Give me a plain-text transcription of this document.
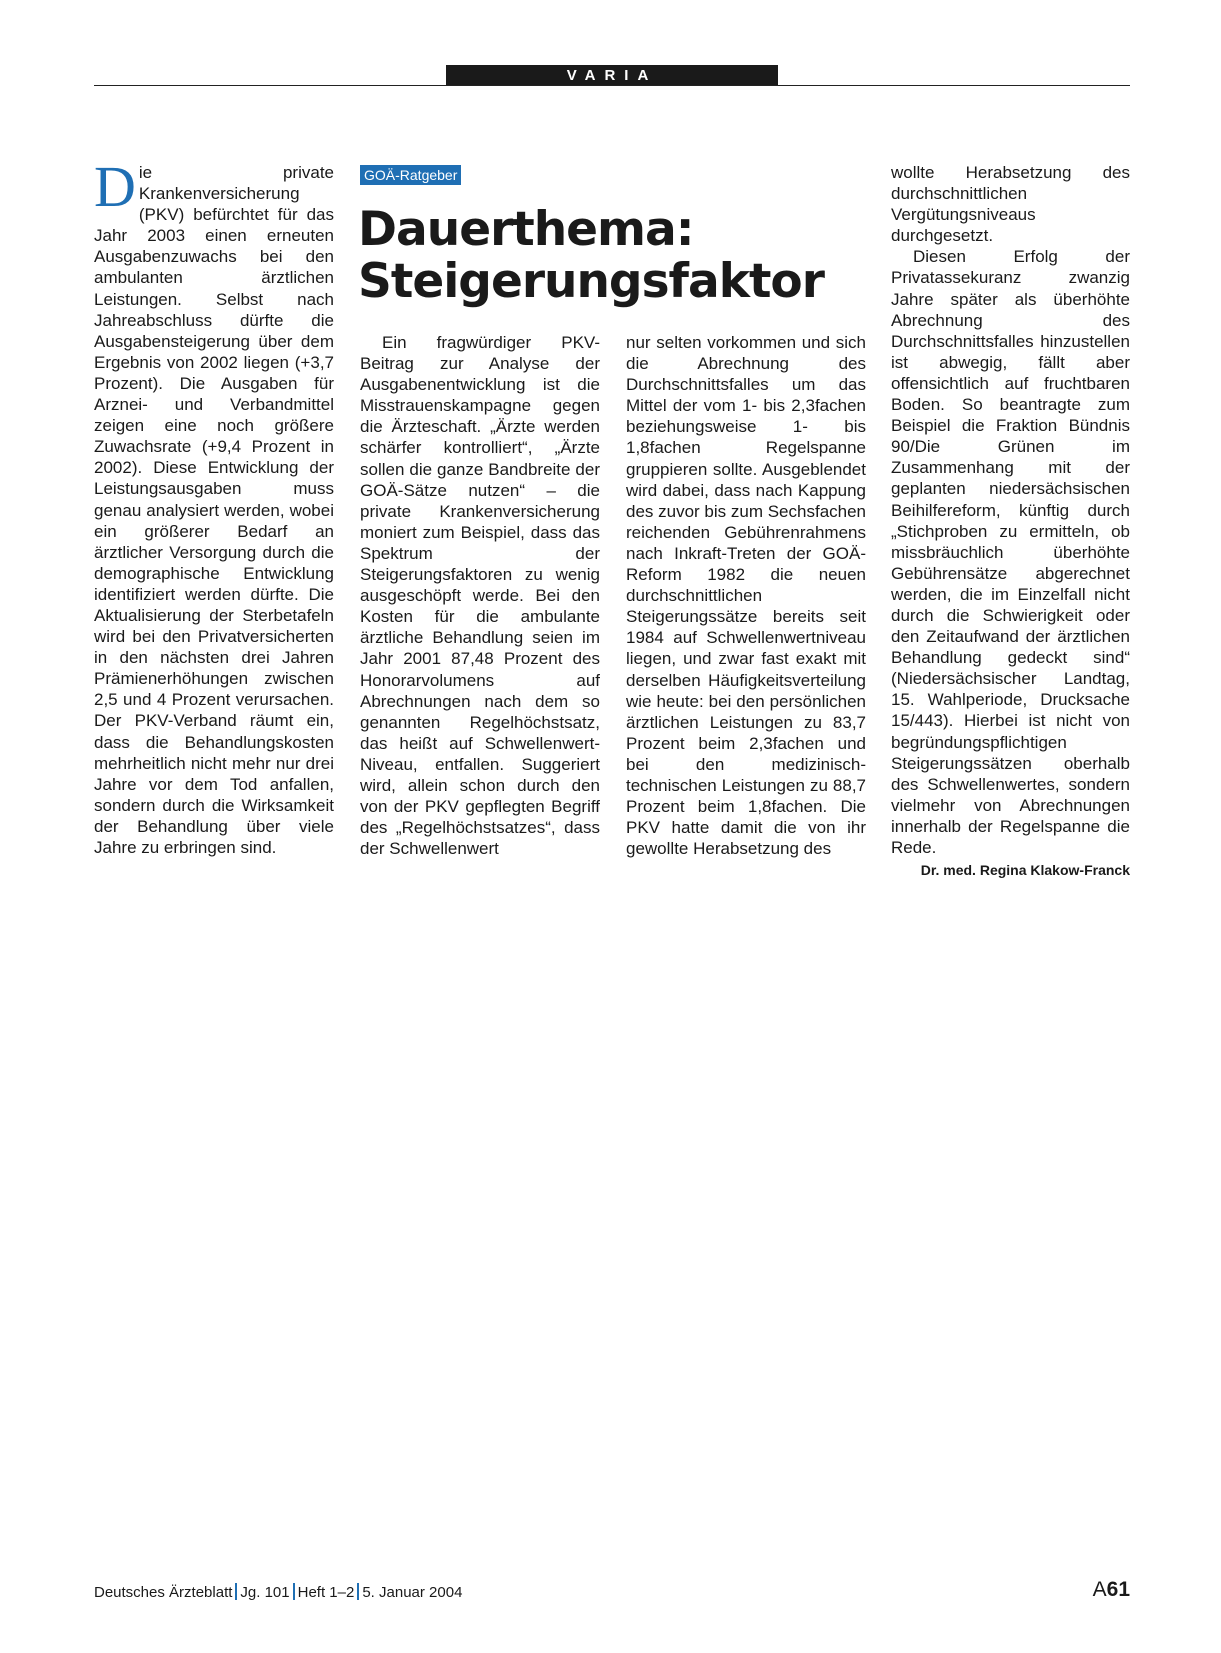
VARIA

Die private Krankenversicherung (PKV) befürchtet für das Jahr 2003 einen erneuten Ausgabenzuwachs bei den ambulanten ärztlichen Leistungen. Selbst nach Jahreabschluss dürfte die Ausgabensteigerung über dem Ergebnis von 2002 liegen (+3,7 Prozent). Die Ausgaben für Arznei- und Verbandmittel zeigen eine noch größere Zuwachsrate (+9,4 Prozent in 2002). Diese Entwicklung der Leistungsausgaben muss genau analysiert werden, wobei ein größerer Bedarf an ärztlicher Versorgung durch die demographische Entwicklung identifiziert werden dürfte. Die Aktualisierung der Sterbetafeln wird bei den Privatversicherten in den nächsten drei Jahren Prämienerhöhungen zwischen 2,5 und 4 Prozent verursachen. Der PKV-Verband räumt ein, dass die Behandlungskosten mehrheitlich nicht mehr nur drei Jahre vor dem Tod anfallen, sondern durch die Wirksamkeit der Behandlung über viele Jahre zu erbringen sind.

GOÄ-Ratgeber
Dauerthema:
Steigerungsfaktor

Ein fragwürdiger PKV-Beitrag zur Analyse der Ausgabenentwicklung ist die Misstrauenskampagne gegen die Ärzteschaft. „Ärzte werden schärfer kontrolliert“, „Ärzte sollen die ganze Bandbreite der GOÄ-Sätze nutzen“ – die private Krankenversicherung moniert zum Beispiel, dass das Spektrum der Steigerungsfaktoren zu wenig ausgeschöpft werde. Bei den Kosten für die ambulante ärztliche Behandlung seien im Jahr 2001 87,48 Prozent des Honorarvolumens auf Abrechnungen nach dem so genannten Regelhöchstsatz, das heißt auf Schwellenwert-Niveau, entfallen. Suggeriert wird, allein schon durch den von der PKV gepflegten Begriff des „Regelhöchstsatzes“, dass der Schwellenwert

nur selten vorkommen und sich die Abrechnung des Durchschnittsfalles um das Mittel der vom 1- bis 2,3fachen beziehungsweise 1- bis 1,8fachen Regelspanne gruppieren sollte. Ausgeblendet wird dabei, dass nach Kappung des zuvor bis zum Sechsfachen reichenden Gebührenrahmens nach Inkraft-Treten der GOÄ-Reform 1982 die neuen durchschnittlichen Steigerungssätze bereits seit 1984 auf Schwellenwertniveau liegen, und zwar fast exakt mit derselben Häufigkeitsverteilung wie heute: bei den persönlichen ärztlichen Leistungen zu 83,7 Prozent beim 2,3fachen und bei den medizinisch-technischen Leistungen zu 88,7 Prozent beim 1,8fachen. Die PKV hatte damit die von ihr gewollte Herabsetzung des

wollte Herabsetzung des durchschnittlichen Vergütungsniveaus durchgesetzt.

Diesen Erfolg der Privatassekuranz zwanzig Jahre später als überhöhte Abrechnung des Durchschnittsfalles hinzustellen ist abwegig, fällt aber offensichtlich auf fruchtbaren Boden. So beantragte zum Beispiel die Fraktion Bündnis 90/Die Grünen im Zusammenhang mit der geplanten niedersächsischen Beihilfereform, künftig durch „Stichproben zu ermitteln, ob missbräuchlich überhöhte Gebührensätze abgerechnet werden, die im Einzelfall nicht durch die Schwierigkeit oder den Zeitaufwand der ärztlichen Behandlung gedeckt sind“ (Niedersächsischer Landtag, 15. Wahlperiode, Drucksache 15/443). Hierbei ist nicht von begründungspflichtigen Steigerungssätzen oberhalb des Schwellenwertes, sondern vielmehr von Abrechnungen innerhalb der Regelspanne die Rede.

Dr. med. Regina Klakow-Franck

Deutsches Ärzteblatt Jg. 101 Heft 1–2 5. Januar 2004	A61
